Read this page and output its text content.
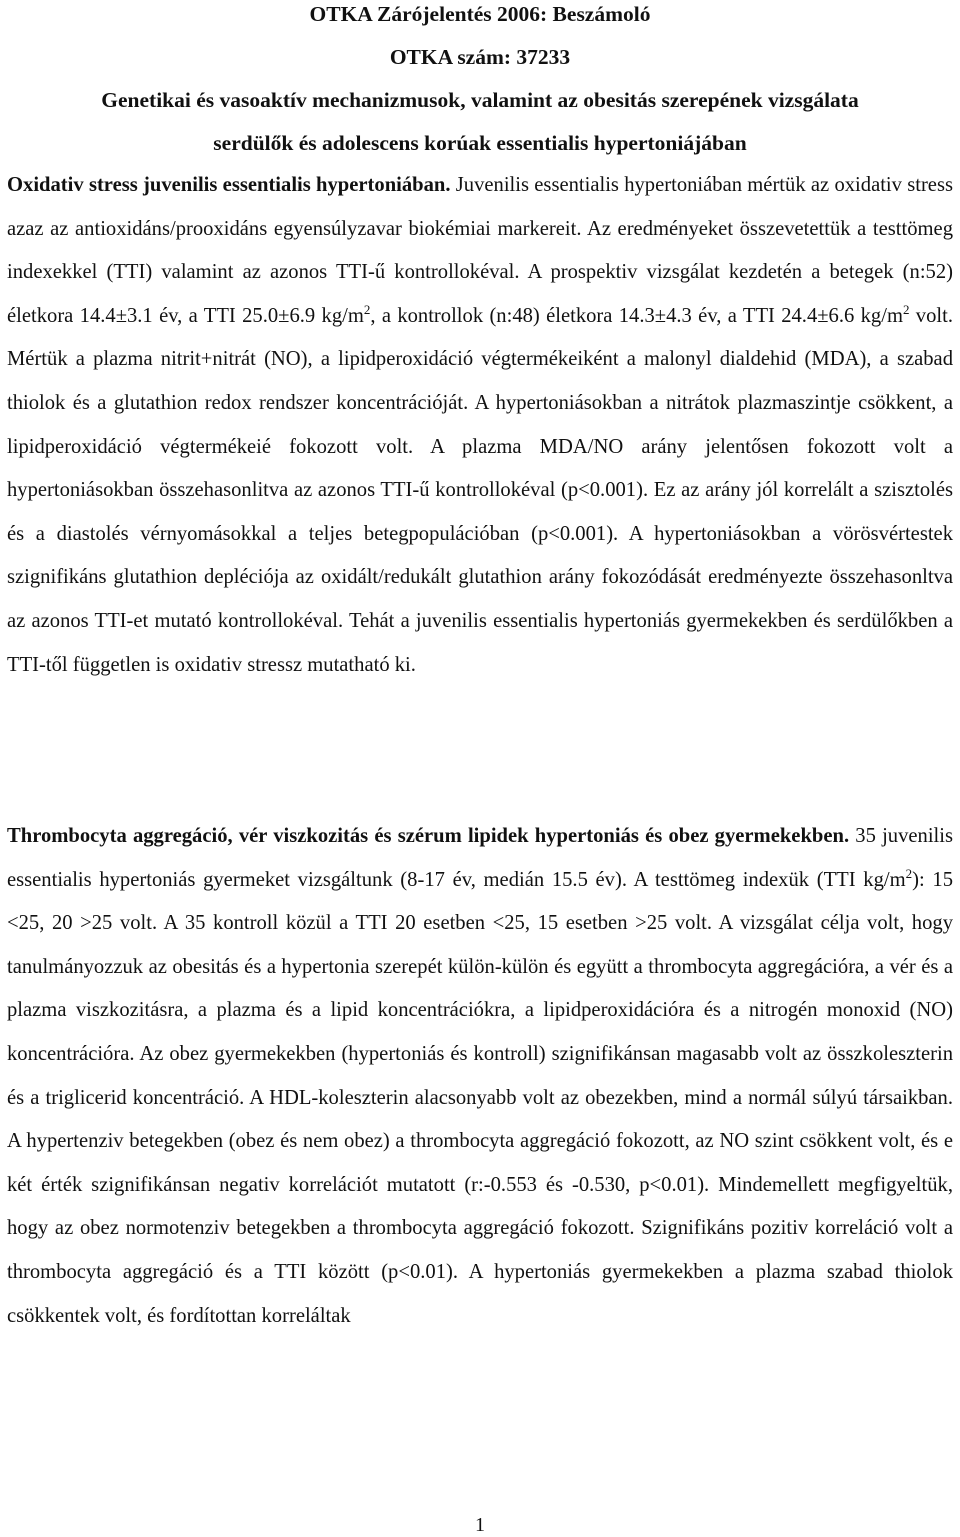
OTKA Zárójelentés 2006: Beszámoló
OTKA szám: 37233
Genetikai és vasoaktív mechanizmusok, valamint az obesitás szerepének vizsgálata
serdülők és adolescens korúak essentialis hypertoniájában
Oxidativ stress juvenilis essentialis hypertoniában. Juvenilis essentialis hypertoniában mértük az oxidativ stress azaz az antioxidáns/prooxidáns egyensúlyzavar biokémiai markereit. Az eredményeket összevetettük a testtömeg indexekkel (TTI) valamint az azonos TTI-ű kontrollokéval. A prospektiv vizsgálat kezdetén a betegek (n:52) életkora 14.4±3.1 év, a TTI 25.0±6.9 $kg/m^2$, a kontrollok (n:48) életkora 14.3±4.3 év, a TTI 24.4±6.6 $kg/m^2$ volt. Mértük a plazma nitrit+nitrát (NO), a lipidperoxidáció végtermékeiként a malonyl dialdehid (MDA), a szabad thiolok és a glutathion redox rendszer koncentrációját. A hypertoniásokban a nitrátok plazmaszintje csökkent, a lipidperoxidáció végtermékeié fokozott volt. A plazma MDA/NO arány jelentősen fokozott volt a hypertoniásokban összehasonlitva az azonos TTI-ű kontrollokéval (p<0.001). Ez az arány jól korrelált a szisztolés és a diastolés vérnyomásokkal a teljes betegpopulációban (p<0.001). A hypertoniásokban a vörösvértestek szignifikáns glutathion depléciója az oxidált/redukált glutathion arány fokozódását eredményezte összehasonltva az azonos TTI-et mutató kontrollokéval. Tehát a juvenilis essentialis hypertoniás gyermekekben és serdülőkben a TTI-től független is oxidativ stressz mutatható ki.
Thrombocyta aggregáció, vér viszkozitás és szérum lipidek hypertoniás és obez gyermekekben. 35 juvenilis essentialis hypertoniás gyermeket vizsgáltunk (8-17 év, medián 15.5 év). A testtömeg indexük (TTI $kg/m^2$): 15 <25, 20 >25 volt. A 35 kontroll közül a TTI 20 esetben <25, 15 esetben >25 volt. A vizsgálat célja volt, hogy tanulmányozzuk az obesitás és a hypertonia szerepét külön-külön és együtt a thrombocyta aggregációra, a vér és a plazma viszkozitásra, a plazma és a lipid koncentrációkra, a lipidperoxidációra és a nitrogén monoxid (NO) koncentrációra. Az obez gyermekekben (hypertoniás és kontroll) szignifikánsan magasabb volt az összkoleszterin és a triglicerid koncentráció. A HDL-koleszterin alacsonyabb volt az obezekben, mind a normál súlyú társaikban. A hypertenziv betegekben (obez és nem obez) a thrombocyta aggregáció fokozott, az NO szint csökkent volt, és e két érték szignifikánsan negativ korrelációt mutatott (r:-0.553 és -0.530, p<0.01). Mindemellett megfigyeltük, hogy az obez normotenziv betegekben a thrombocyta aggregáció fokozott. Szignifikáns pozitiv korreláció volt a thrombocyta aggregáció és a TTI között (p<0.01). A hypertoniás gyermekekben a plazma szabad thiolok csökkentek volt, és fordítottan korreláltak
1
